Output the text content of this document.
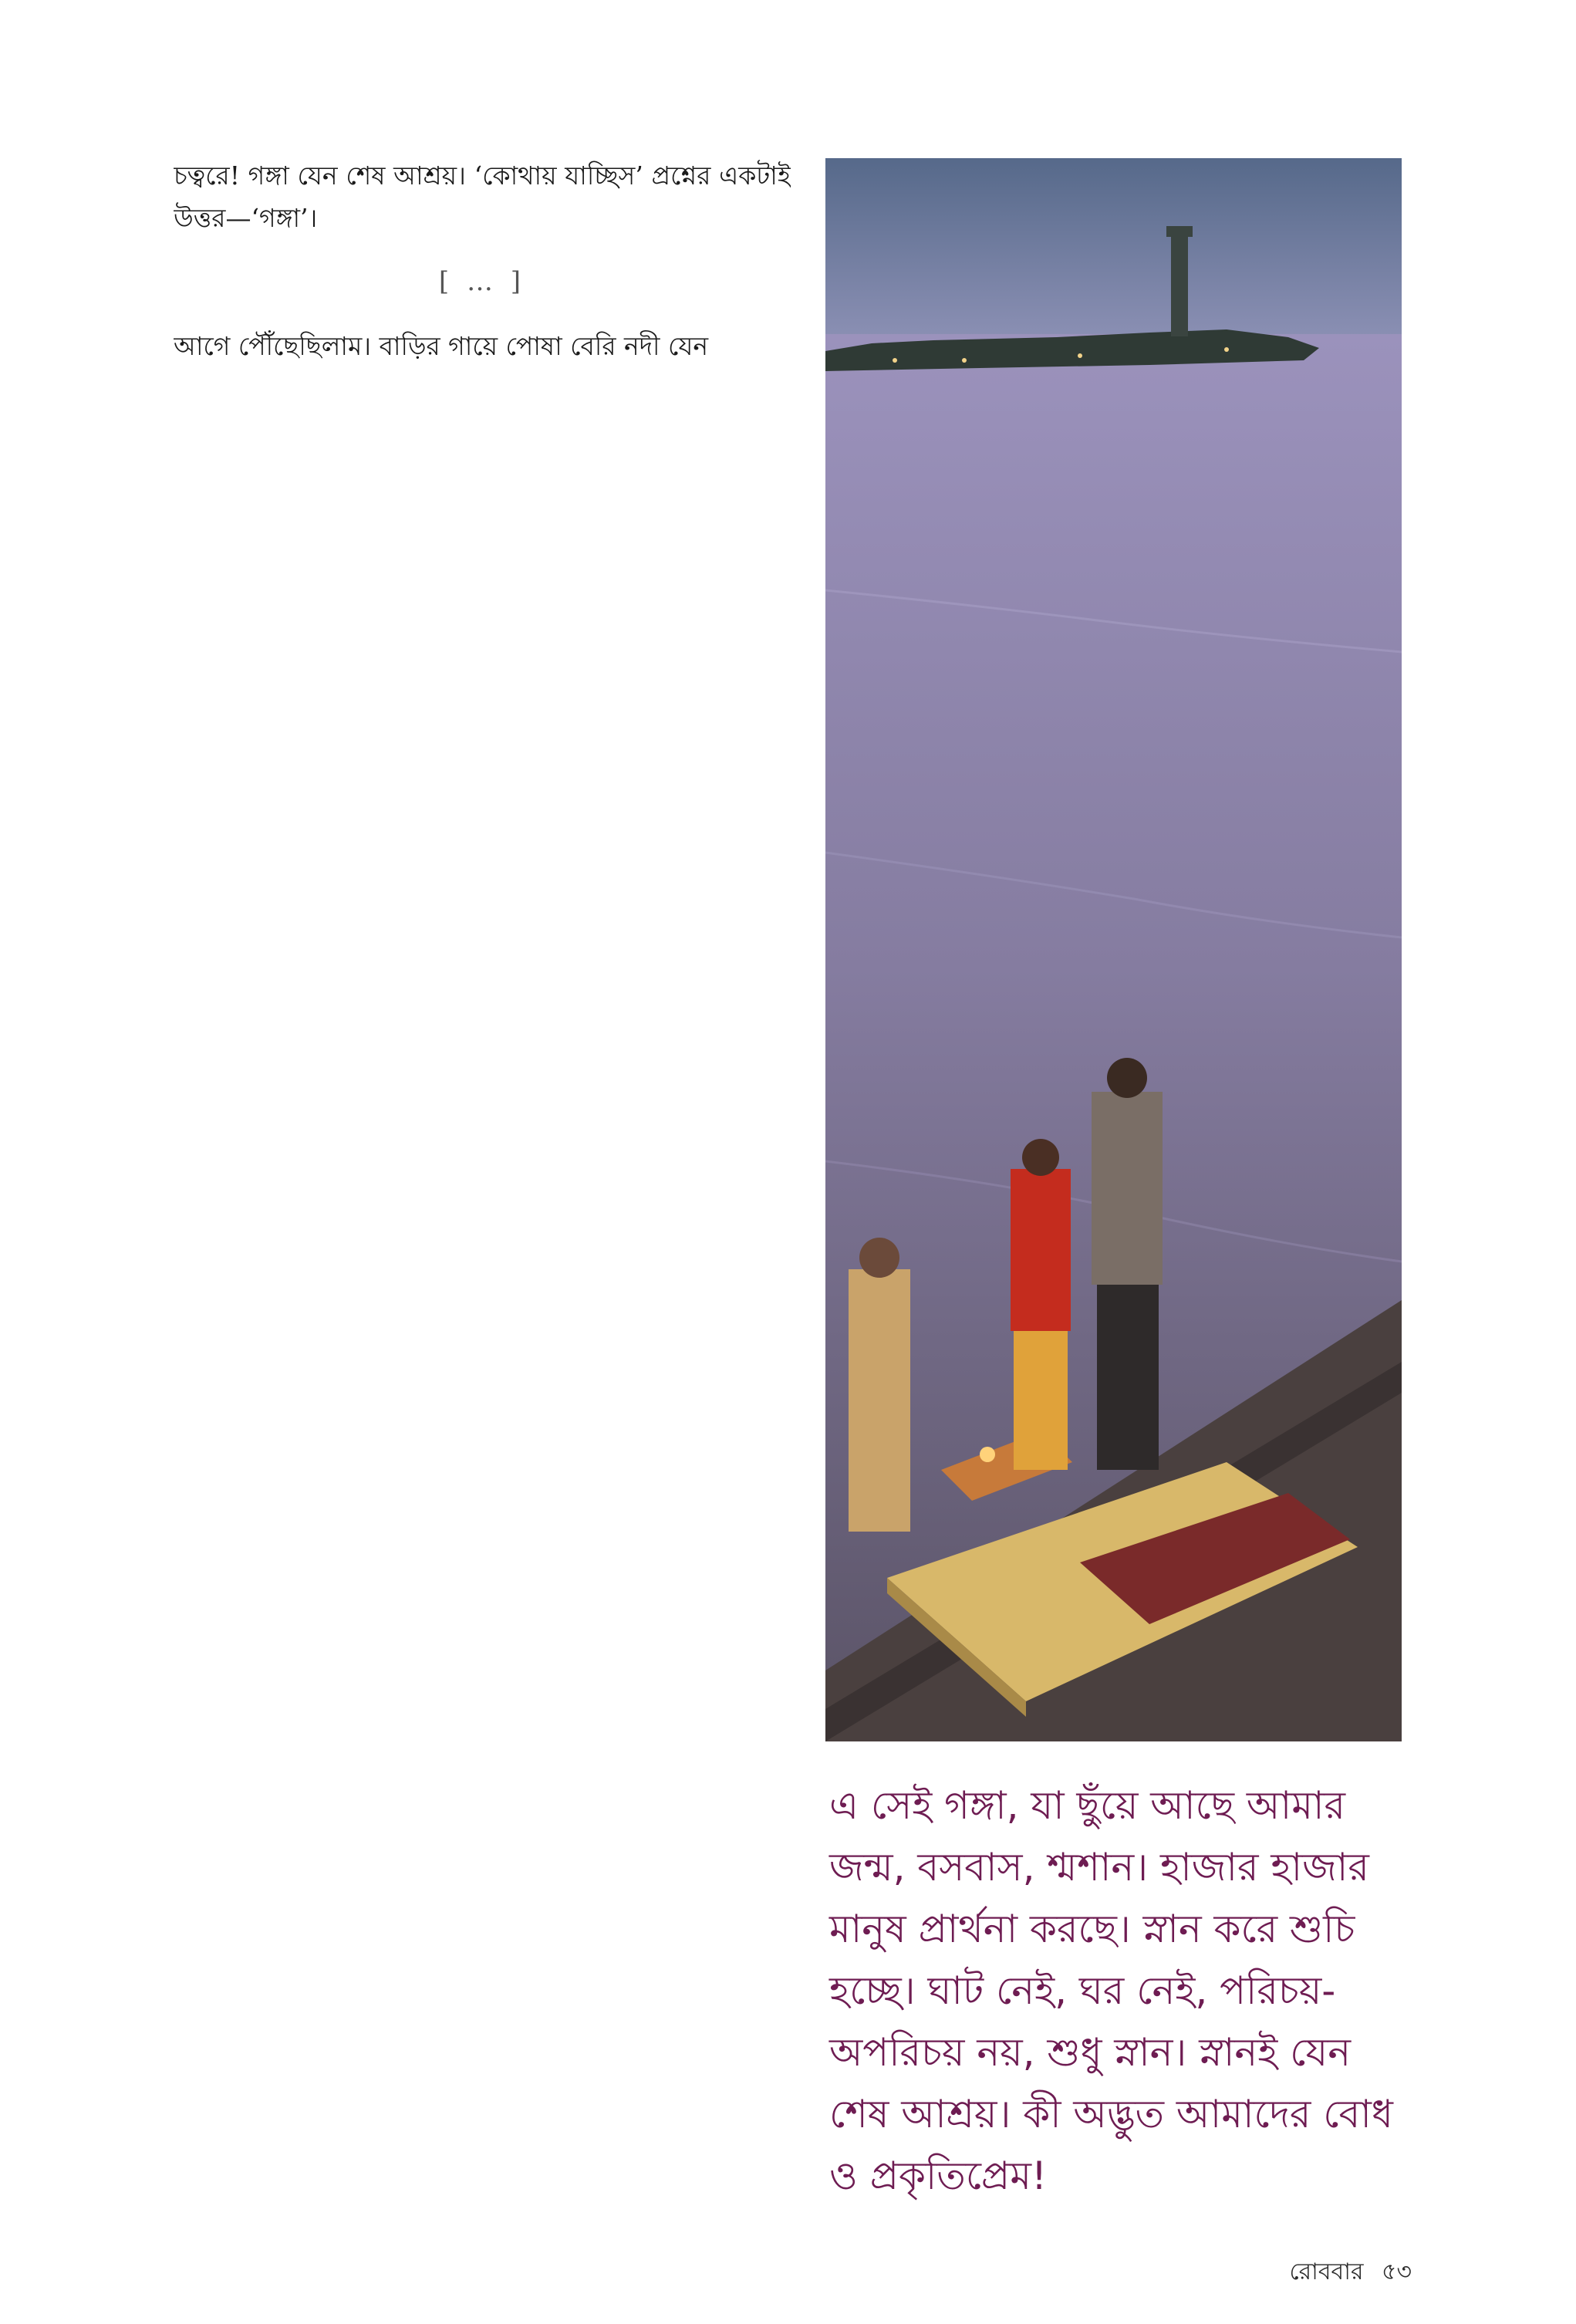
চত্বরে! গঙ্গা যেন শেষ আশ্রয়। ‘কোথায় যাচ্ছিস’ প্রশ্নের একটাই উত্তর—‘গঙ্গা’।

[ … ]

আগে পৌঁছেছিলাম। বাড়ির গায়ে পোষা বেরি নদী যেন

এ সেই গঙ্গা, যা ছুঁয়ে আছে আমার জন্ম, বসবাস, শ্মশান। হাজার হাজার মানুষ প্রার্থনা করছে। স্নান করে শুচি হচ্ছে। ঘাট নেই, ঘর নেই, পরিচয়-অপরিচয় নয়, শুধু স্নান। স্নানই যেন শেষ আশ্রয়। কী অদ্ভুত আমাদের বোধ ও প্রকৃতিপ্রেম!

রোববার ৫৩
